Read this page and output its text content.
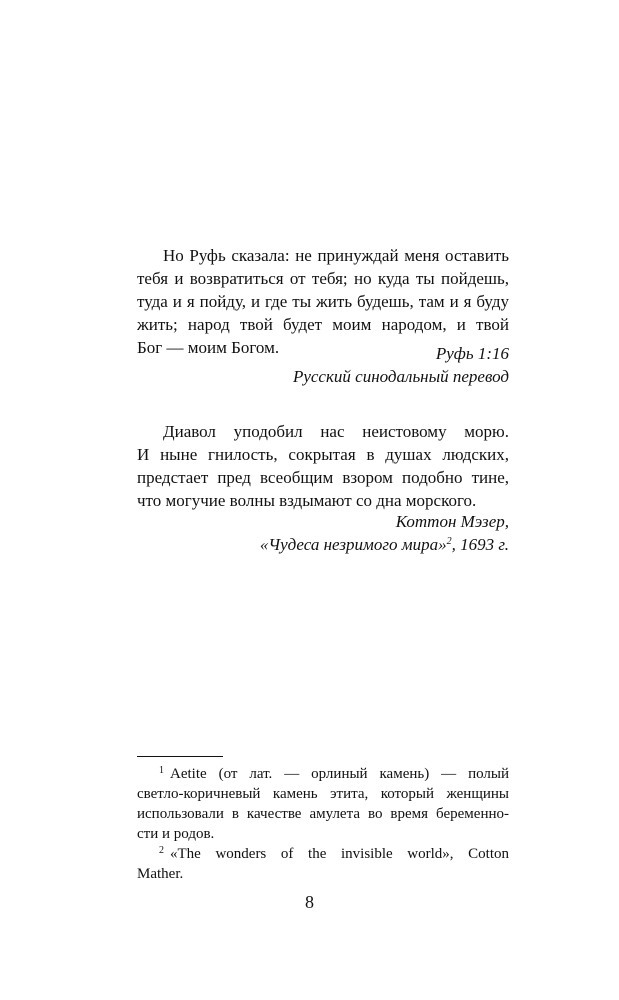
Но Руфь сказала: не принуждай меня оставить
тебя и возвратиться от тебя; но куда ты пойдешь,
туда и я пойду, и где ты жить будешь, там и я буду
жить; народ твой будет моим народом, и твой
Бог — моим Богом.	Руфь 1:16
Русский синодальный перевод
Диавол уподобил нас неистовому морю.
И ныне гнилость, сокрытая в душах людских,
предстает пред всеобщим взором подобно тине,
что могучие волны вздымают со дна морского.
Коттон Мэзер,
«Чудеса незримого мира»$^2$, 1693 г.
$^1$ Aetite (от лат. — орлиный камень) — полый
светло-коричневый камень этита, который женщины
использовали в качестве амулета во время беременно-
сти и родов.
$^2$ «The wonders of the invisible world», Cotton
Mather.
8
